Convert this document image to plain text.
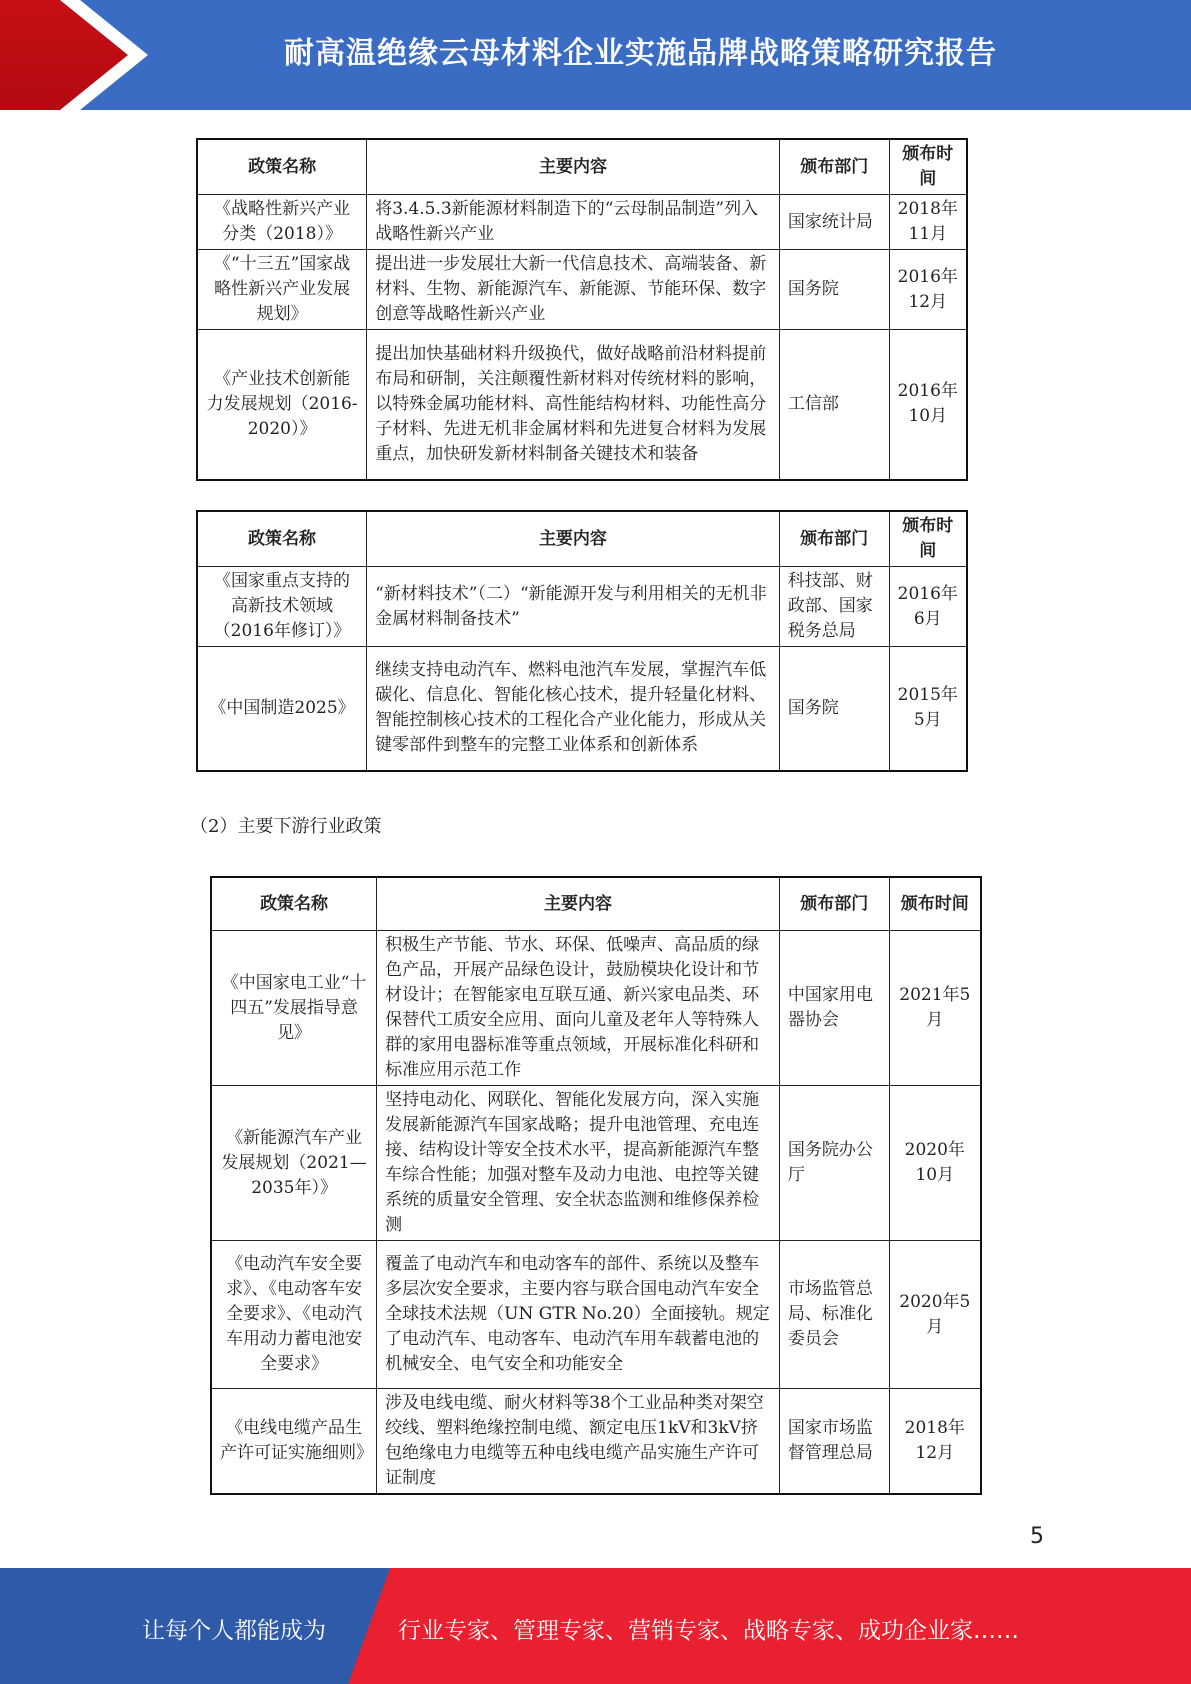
耐高温绝缘云母材料企业实施品牌战略策略研究报告
政策名称	主要内容	颁布部门	颁布时间
《战略性新兴产业分类（2018）》	将3.4.5.3新能源材料制造下的“云母制品制造”列入战略性新兴产业	国家统计局	2018年11月
《“十三五”国家战略性新兴产业发展规划》	提出进一步发展壮大新一代信息技术、高端装备、新材料、生物、新能源汽车、新能源、节能环保、数字创意等战略性新兴产业	国务院	2016年12月
《产业技术创新能力发展规划（2016-2020）》	提出加快基础材料升级换代，做好战略前沿材料提前布局和研制，关注颠覆性新材料对传统材料的影响，以特殊金属功能材料、高性能结构材料、功能性高分子材料、先进无机非金属材料和先进复合材料为发展重点，加快研发新材料制备关键技术和装备	工信部	2016年10月
政策名称	主要内容	颁布部门	颁布时间
《国家重点支持的高新技术领域（2016年修订）》	“新材料技术”（二）“新能源开发与利用相关的无机非金属材料制备技术”	科技部、财政部、国家税务总局	2016年6月
《中国制造2025》	继续支持电动汽车、燃料电池汽车发展，掌握汽车低碳化、信息化、智能化核心技术，提升轻量化材料、智能控制核心技术的工程化合产业化能力，形成从关键零部件到整车的完整工业体系和创新体系	国务院	2015年5月
（2）主要下游行业政策
政策名称	主要内容	颁布部门	颁布时间
《中国家电工业“十四五”发展指导意见》	积极生产节能、节水、环保、低噪声、高品质的绿色产品，开展产品绿色设计，鼓励模块化设计和节材设计；在智能家电互联互通、新兴家电品类、环保替代工质安全应用、面向儿童及老年人等特殊人群的家用电器标准等重点领域，开展标准化科研和标准应用示范工作	中国家用电器协会	2021年5月
《新能源汽车产业发展规划（2021—2035年）》	坚持电动化、网联化、智能化发展方向，深入实施发展新能源汽车国家战略；提升电池管理、充电连接、结构设计等安全技术水平，提高新能源汽车整车综合性能；加强对整车及动力电池、电控等关键系统的质量安全管理、安全状态监测和维修保养检测	国务院办公厅	2020年10月
《电动汽车安全要求》、《电动客车安全要求》、《电动汽车用动力蓄电池安全要求》	覆盖了电动汽车和电动客车的部件、系统以及整车多层次安全要求，主要内容与联合国电动汽车安全全球技术法规（UN GTR No.20）全面接轨。规定了电动汽车、电动客车、电动汽车用车载蓄电池的机械安全、电气安全和功能安全	市场监管总局、标准化委员会	2020年5月
《电线电缆产品生产许可证实施细则》	涉及电线电缆、耐火材料等38个工业品种类对架空绞线、塑料绝缘控制电缆、额定电压1kV和3kV挤包绝缘电力电缆等五种电线电缆产品实施生产许可证制度	国家市场监督管理总局	2018年12月
5
让每个人都能成为	行业专家、管理专家、营销专家、战略专家、成功企业家……
